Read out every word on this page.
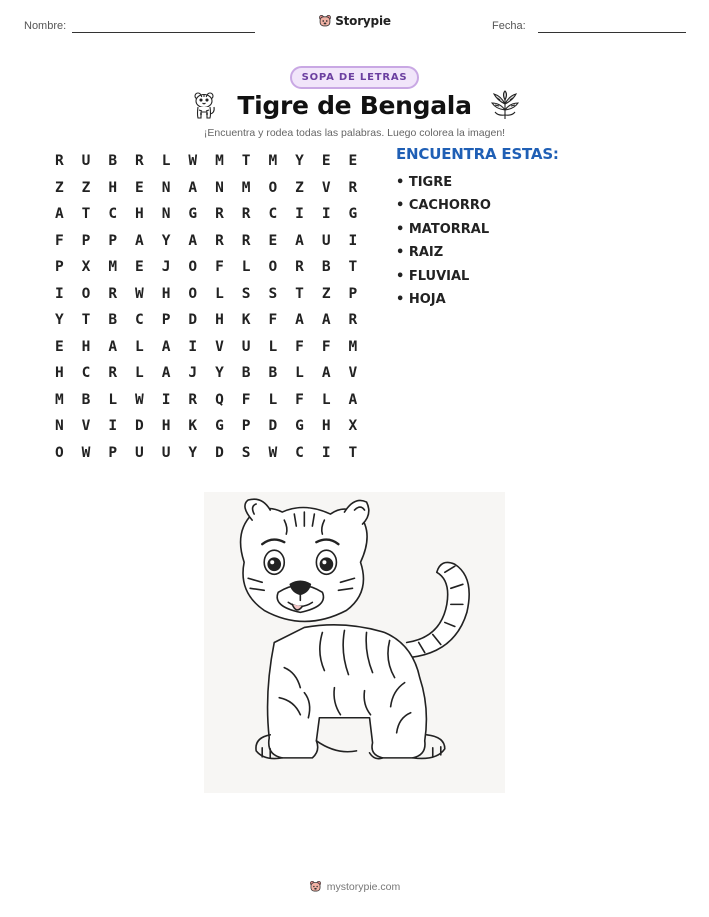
Nombre:	Storypie	Fecha:
SOPA DE LETRAS
Tigre de Bengala
¡Encuentra y rodea todas las palabras. Luego colorea la imagen!
R	U	B	R	L	W	M	T	M	Y	E	E
Z	Z	H	E	N	A	N	M	O	Z	V	R
A	T	C	H	N	G	R	R	C	I	I	G
F	P	P	A	Y	A	R	R	E	A	U	I
P	X	M	E	J	O	F	L	O	R	B	T
I	O	R	W	H	O	L	S	S	T	Z	P
Y	T	B	C	P	D	H	K	F	A	A	R
E	H	A	L	A	I	V	U	L	F	F	M
H	C	R	L	A	J	Y	B	B	L	A	V
M	B	L	W	I	R	Q	F	L	F	L	A
N	V	I	D	H	K	G	P	D	G	H	X
O	W	P	U	U	Y	D	S	W	C	I	T
ENCUENTRA ESTAS:
• TIGRE
• CACHORRO
• MATORRAL
• RAIZ
• FLUVIAL
• HOJA
mystorypie.com
